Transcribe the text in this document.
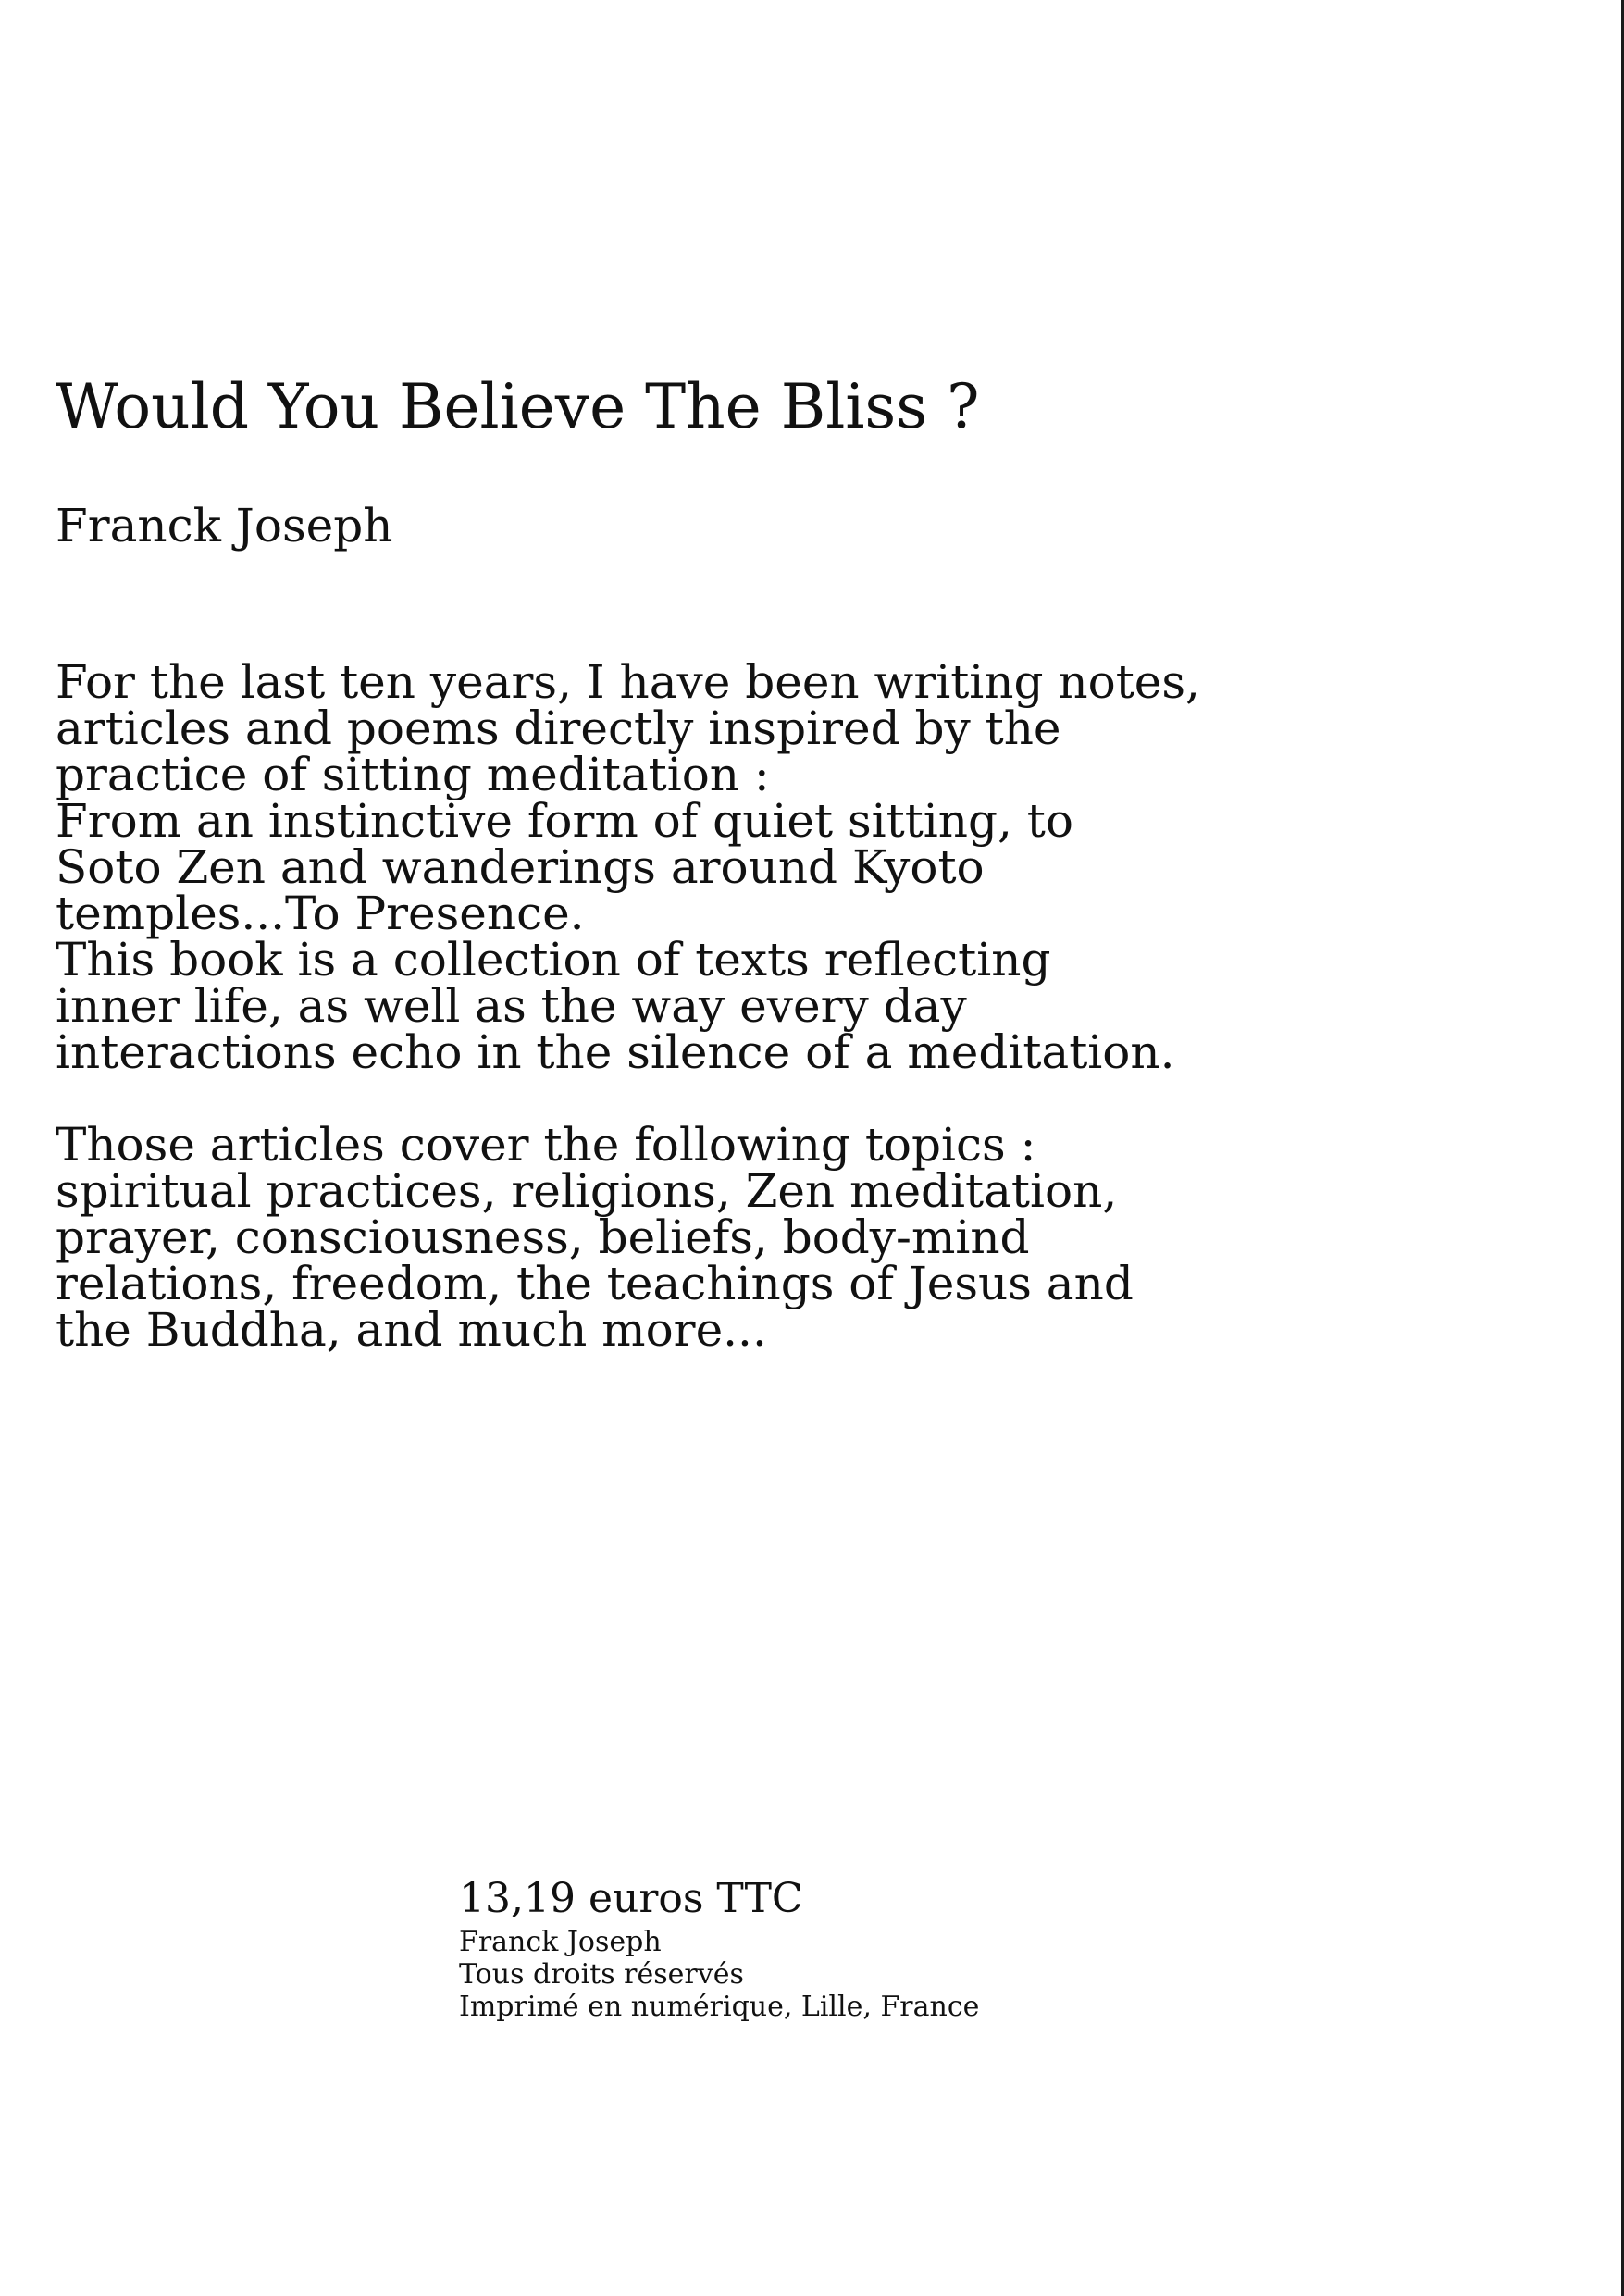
Would You Believe The Bliss ?
Franck Joseph

For the last ten years, I have been writing notes,
articles and poems directly inspired by the
practice of sitting meditation :
From an instinctive form of quiet sitting, to
Soto Zen and wanderings around Kyoto
temples...To Presence.
This book is a collection of texts reflecting
inner life, as well as the way every day
interactions echo in the silence of a meditation.

Those articles cover the following topics :
spiritual practices, religions, Zen meditation,
prayer, consciousness, beliefs, body-mind
relations, freedom, the teachings of Jesus and
the Buddha, and much more...

13,19 euros TTC
Franck Joseph
Tous droits réservés
Imprimé en numérique, Lille, France
